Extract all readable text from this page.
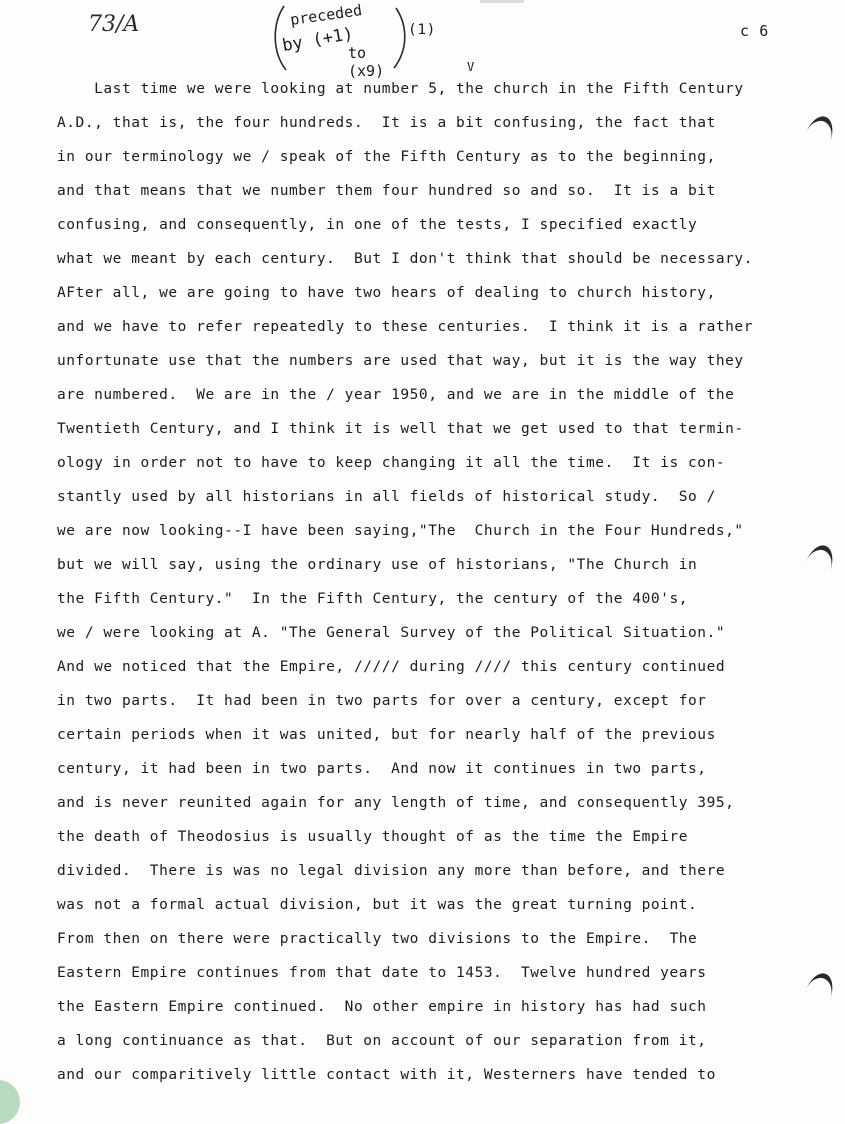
73/A	preceded
by (+1)
to (x9)
(1)	c 6
V
Last time we were looking at number 5, the church in the Fifth Century
A.D., that is, the four hundreds.  It is a bit confusing, the fact that
in our terminology we / speak of the Fifth Century as to the beginning,
and that means that we number them four hundred so and so.  It is a bit
confusing, and consequently, in one of the tests, I specified exactly
what we meant by each century.  But I don't think that should be necessary.
AFter all, we are going to have two hears of dealing to church history,
and we have to refer repeatedly to these centuries.  I think it is a rather
unfortunate use that the numbers are used that way, but it is the way they
are numbered.  We are in the / year 1950, and we are in the middle of the
Twentieth Century, and I think it is well that we get used to that termin-
ology in order not to have to keep changing it all the time.  It is con-
stantly used by all historians in all fields of historical study.  So /
we are now looking--I have been saying,"The  Church in the Four Hundreds,"
but we will say, using the ordinary use of historians, "The Church in
the Fifth Century."  In the Fifth Century, the century of the 400's,
we / were looking at A. "The General Survey of the Political Situation."
And we noticed that the Empire, ///// during //// this century continued
in two parts.  It had been in two parts for over a century, except for
certain periods when it was united, but for nearly half of the previous
century, it had been in two parts.  And now it continues in two parts,
and is never reunited again for any length of time, and consequently 395,
the death of Theodosius is usually thought of as the time the Empire
divided.  There is was no legal division any more than before, and there
was not a formal actual division, but it was the great turning point.
From then on there were practically two divisions to the Empire.  The
Eastern Empire continues from that date to 1453.  Twelve hundred years
the Eastern Empire continued.  No other empire in history has had such
a long continuance as that.  But on account of our separation from it,
and our comparitively little contact with it, Westerners have tended to
